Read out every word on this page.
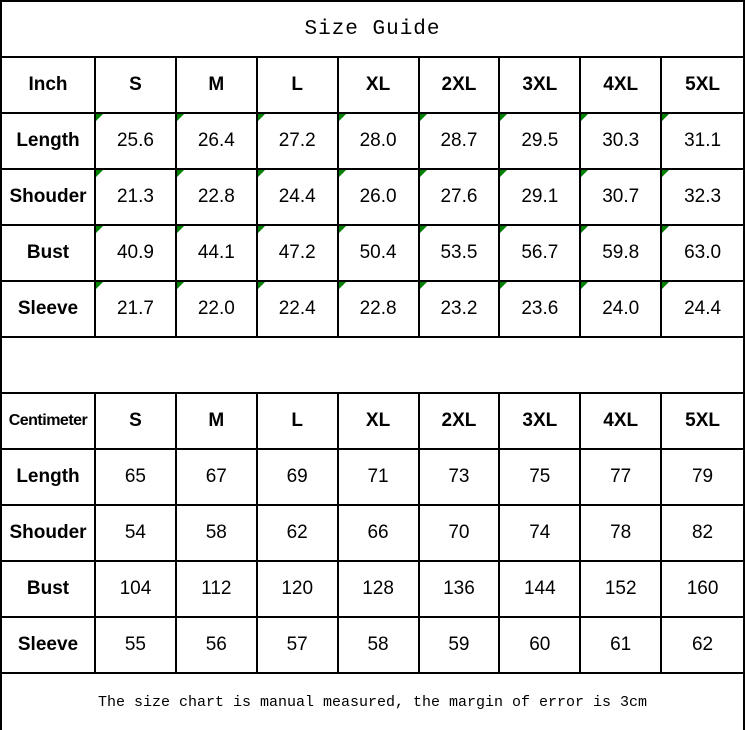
Size Guide
Inch	S	M	L	XL	2XL 3XL 4XL 5XL
Length 25.6 26.4 27.2 28.0 28.7 29.5 30.3 31.1
Shouder 21.3 22.8 24.4 26.0 27.6 29.1 30.7 32.3
Bust	40.9 44.1 47.2 50.4 53.5 56.7 59.8 63.0
Sleeve 21.7 22.0 22.4 22.8 23.2 23.6 24.0 24.4
Centimeter S	M	L	XL	2XL 3XL 4XL 5XL
Length 65	67	69	71	73	75	77	79
Shouder 54	58	62	66	70	74	78	82
Bust	104	112	120	128	136	144	152	160
Sleeve 55	56	57	58	59	60	61	62
The size chart is manual measured, the margin of error is 3cm
